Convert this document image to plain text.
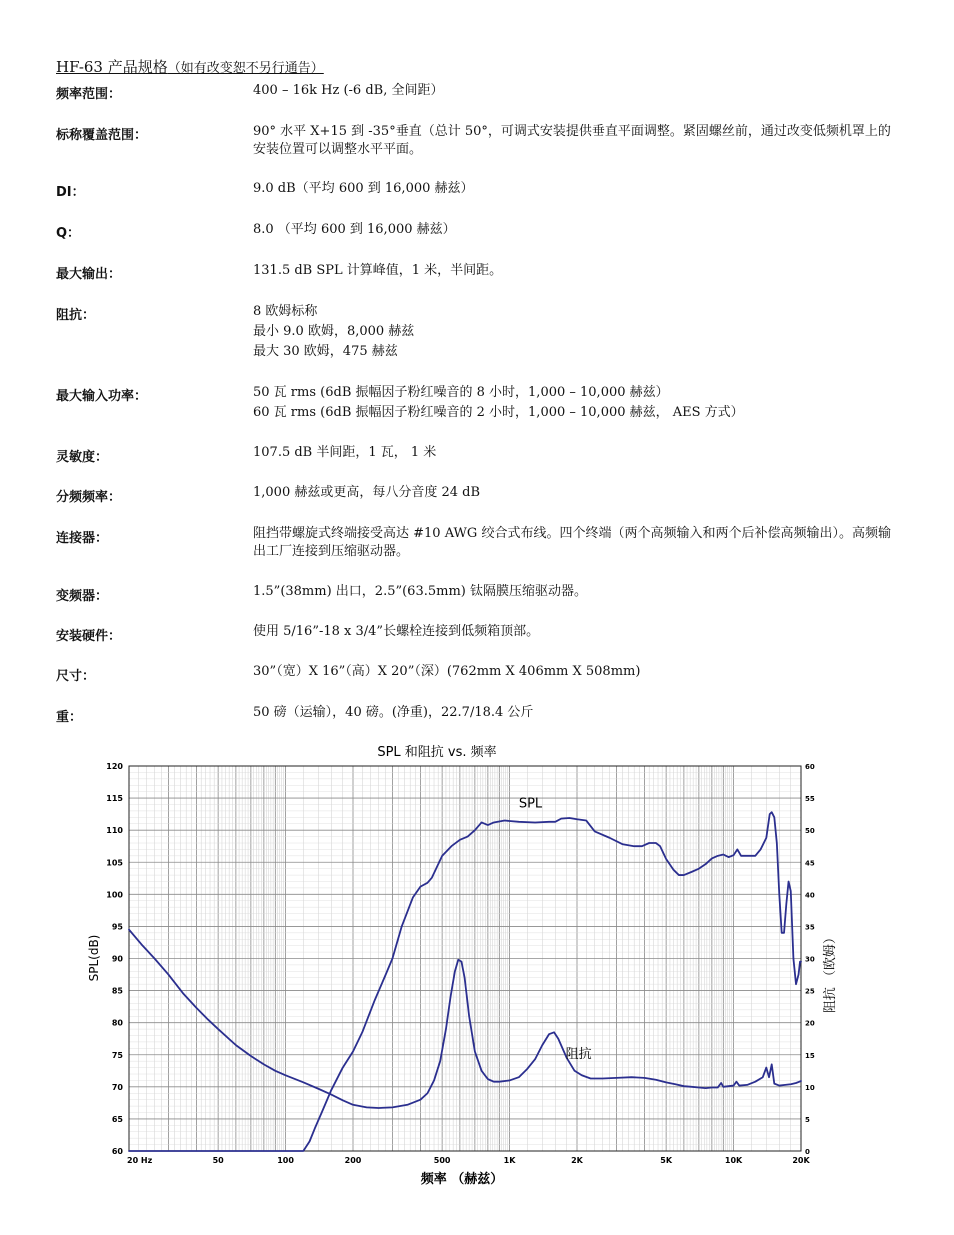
HF-63 产品规格（如有改变恕不另行通告）
频率范围：	400 – 16k Hz (-6 dB, 全间距）
标称覆盖范围：	90° 水平 X+15 到 -35°垂直（总计 50°，可调式安装提供垂直平面调整。紧固螺丝前，通过改变低频机罩上的安装位置可以调整水平平面。
DI：	9.0 dB（平均 600 到 16,000 赫兹）
Q：	8.0 （平均 600 到 16,000 赫兹）
最大输出：	131.5 dB SPL 计算峰值，1 米，半间距。
阻抗：	8 欧姆标称
最小 9.0 欧姆，8,000 赫兹
最大 30 欧姆，475 赫兹
最大输入功率：	50 瓦 rms (6dB 振幅因子粉红噪音的 8 小时，1,000 – 10,000 赫兹）
60 瓦 rms (6dB 振幅因子粉红噪音的 2 小时，1,000 – 10,000 赫兹， AES 方式）
灵敏度：	107.5 dB 半间距，1 瓦， 1 米
分频频率：	1,000 赫兹或更高，每八分音度 24 dB
连接器：	阻挡带螺旋式终端接受高达 #10 AWG 绞合式布线。四个终端（两个高频输入和两个后补偿高频输出）。高频输出工厂连接到压缩驱动器。
变频器：	1.5”(38mm) 出口，2.5”(63.5mm) 钛隔膜压缩驱动器。
安装硬件：	使用 5/16”-18 x 3/4”长螺栓连接到低频箱顶部。
尺寸：	30”（宽）X 16”（高）X 20”（深）(762mm X 406mm X 508mm)
重：	50 磅（运输），40 磅。(净重)，22.7/18.4 公斤
SPL 和阻抗 vs. 频率
60
65
70
75
80
85
90
95
100
105
110
115
120
0
5
10
15
20
25
30
35
40
45
50
55
60
20 Hz	50	100	200	500	1K	2K	5K	10K	20K
SPL
阻抗
频率 （赫兹）
SPL(dB)	阻抗 （欧姆）
